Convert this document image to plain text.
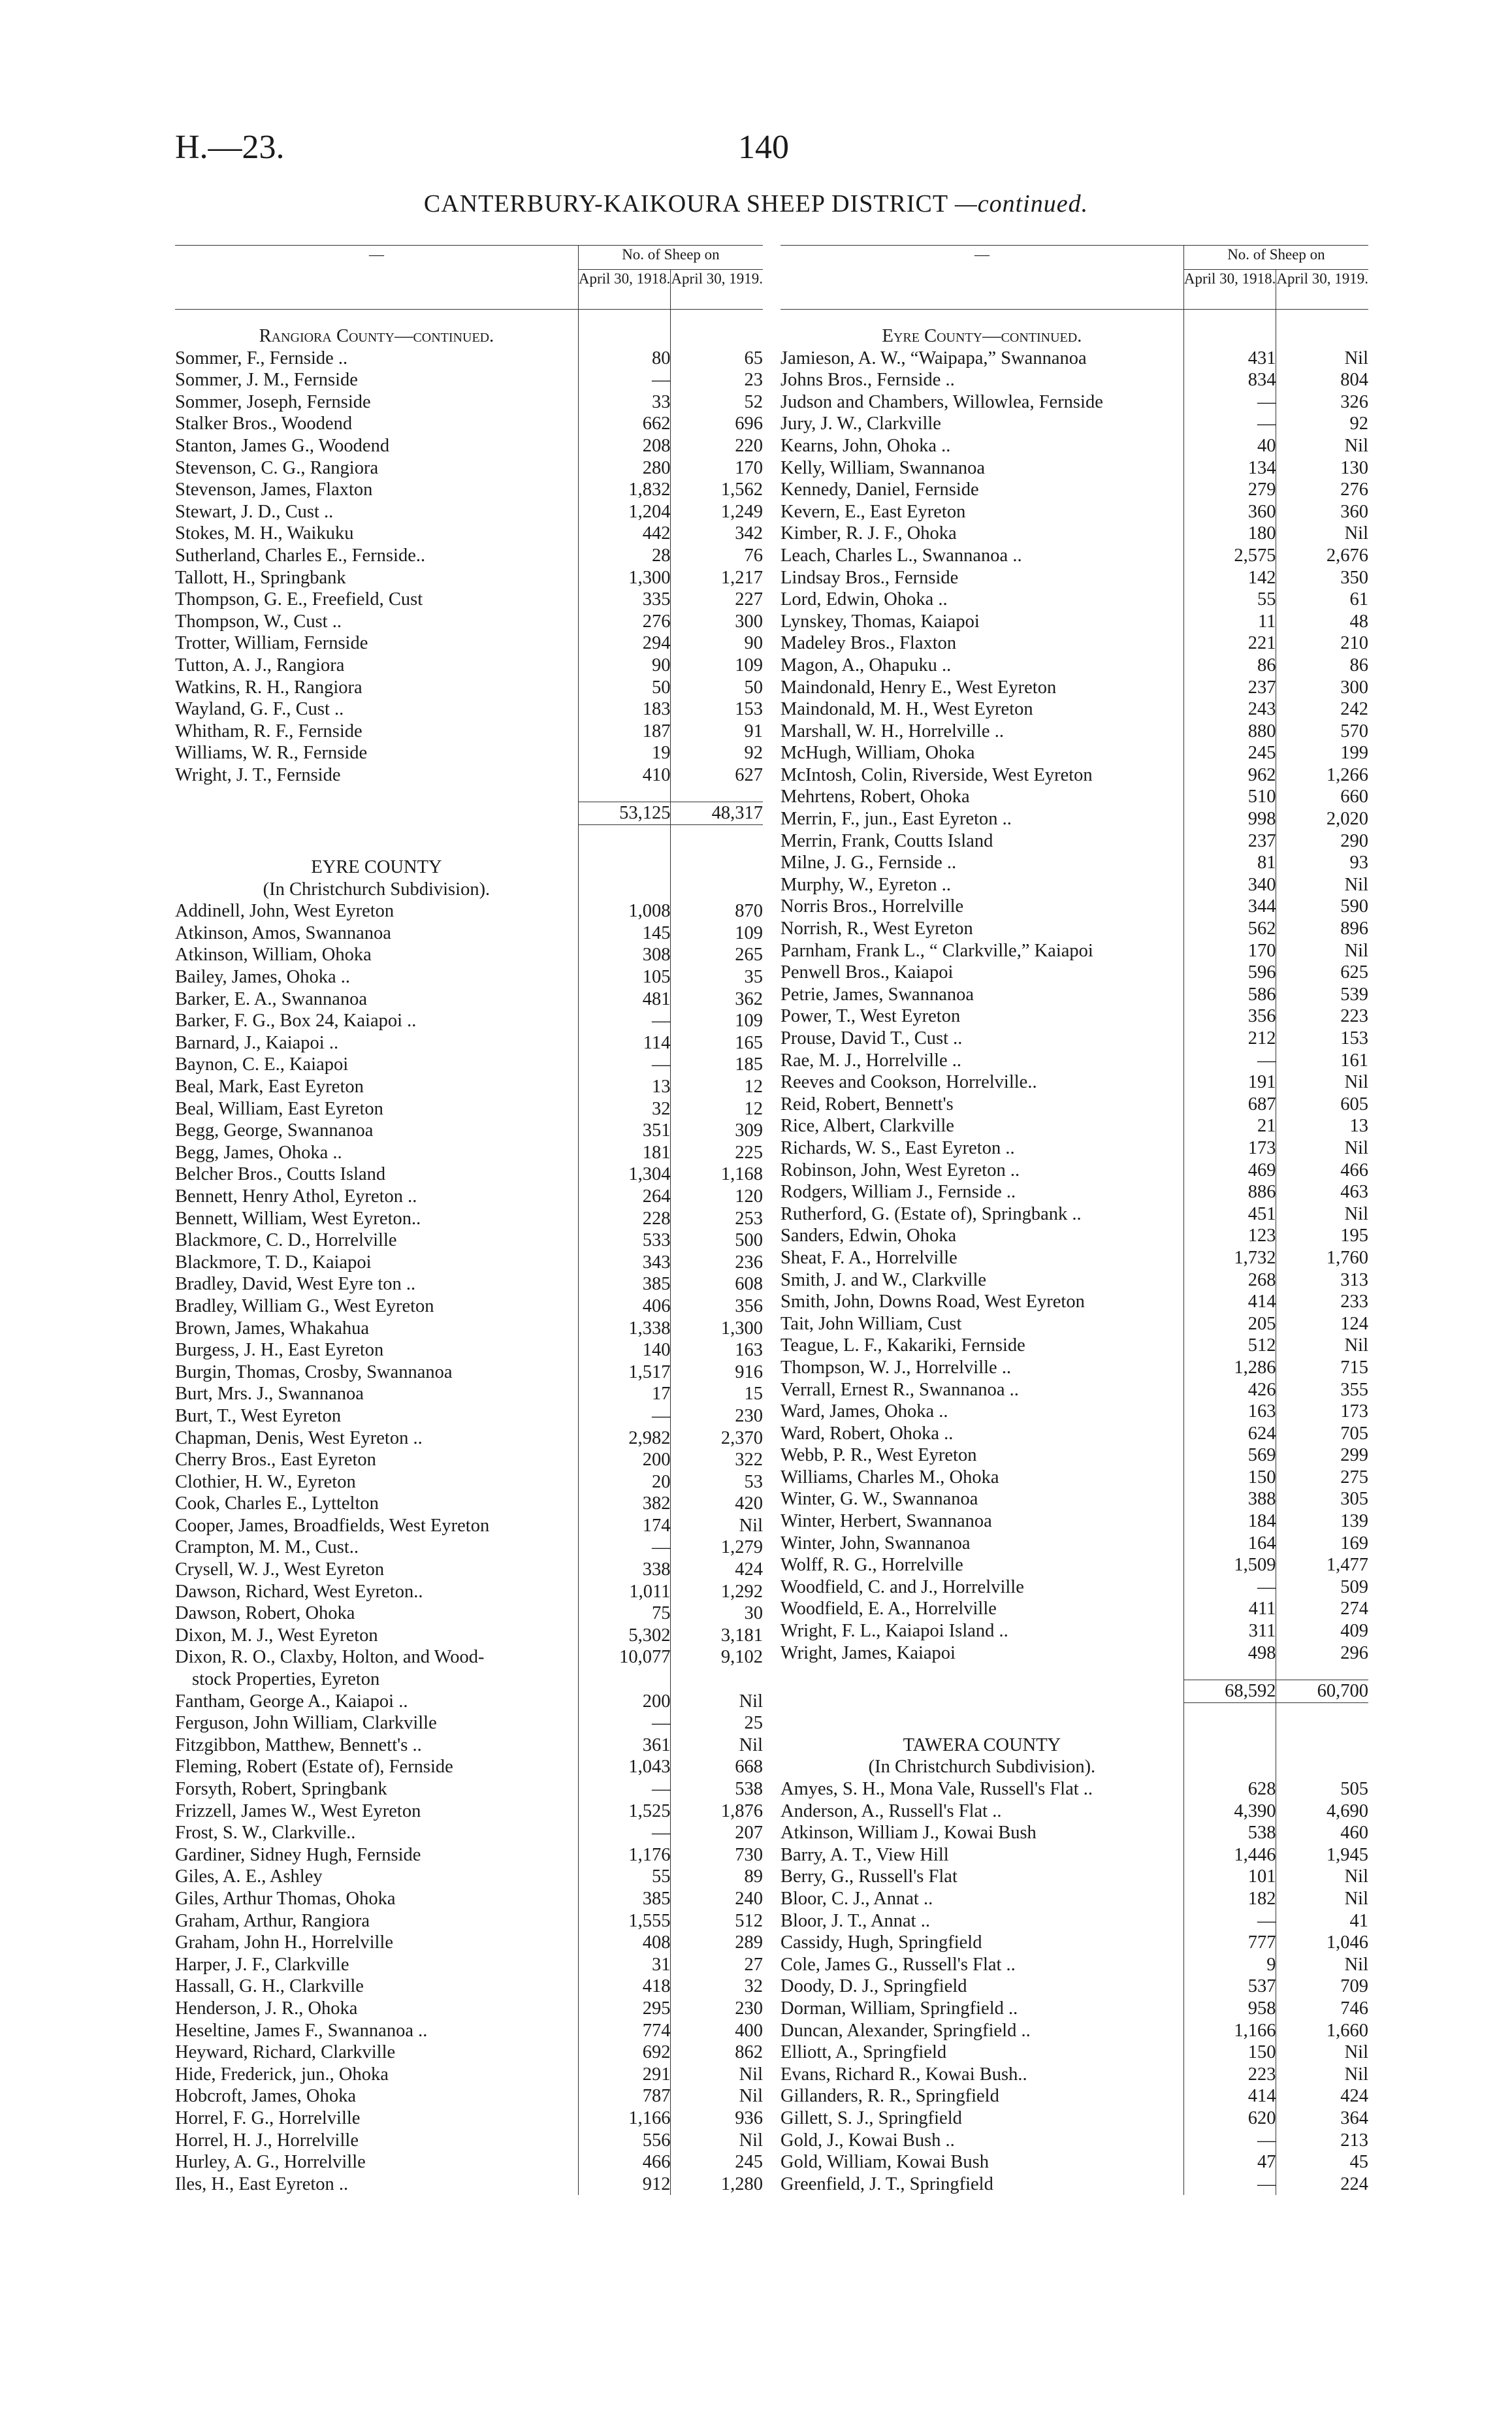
H.—23.	140
CANTERBURY-KAIKOURA SHEEP DISTRICT —continued.
—	No. of Sheep on	
	April 30, 1918.	April 30, 1919.

Rangiora County—continued.		
Sommer, F., Fernside ..	80	65
Sommer, J. M., Fernside	—	23
Sommer, Joseph, Fernside	33	52
Stalker Bros., Woodend	662	696
Stanton, James G., Woodend	208	220
Stevenson, C. G., Rangiora	280	170
Stevenson, James, Flaxton	1,832	1,562
Stewart, J. D., Cust ..	1,204	1,249
Stokes, M. H., Waikuku	442	342
Sutherland, Charles E., Fernside..	28	76
Tallott, H., Springbank	1,300	1,217
Thompson, G. E., Freefield, Cust	335	227
Thompson, W., Cust ..	276	300
Trotter, William, Fernside	294	90
Tutton, A. J., Rangiora	90	109
Watkins, R. H., Rangiora	50	50
Wayland, G. F., Cust ..	183	153
Whitham, R. F., Fernside	187	91
Williams, W. R., Fernside	19	92
Wright, J. T., Fernside	410	627

	53,125	48,317

EYRE COUNTY		
(In Christchurch Subdivision).		
Addinell, John, West Eyreton	1,008	870
Atkinson, Amos, Swannanoa	145	109
Atkinson, William, Ohoka	308	265
Bailey, James, Ohoka ..	105	35
Barker, E. A., Swannanoa	481	362
Barker, F. G., Box 24, Kaiapoi ..	—	109
Barnard, J., Kaiapoi ..	114	165
Baynon, C. E., Kaiapoi	—	185
Beal, Mark, East Eyreton	13	12
Beal, William, East Eyreton	32	12
Begg, George, Swannanoa	351	309
Begg, James, Ohoka ..	181	225
Belcher Bros., Coutts Island	1,304	1,168
Bennett, Henry Athol, Eyreton ..	264	120
Bennett, William, West Eyreton..	228	253
Blackmore, C. D., Horrelville	533	500
Blackmore, T. D., Kaiapoi	343	236
Bradley, David, West Eyre ton ..	385	608
Bradley, William G., West Eyreton	406	356
Brown, James, Whakahua	1,338	1,300
Burgess, J. H., East Eyreton	140	163
Burgin, Thomas, Crosby, Swannanoa	1,517	916
Burt, Mrs. J., Swannanoa	17	15
Burt, T., West Eyreton	—	230
Chapman, Denis, West Eyreton ..	2,982	2,370
Cherry Bros., East Eyreton	200	322
Clothier, H. W., Eyreton	20	53
Cook, Charles E., Lyttelton	382	420
Cooper, James, Broadfields, West Eyreton	174	Nil
Crampton, M. M., Cust..	—	1,279
Crysell, W. J., West Eyreton	338	424
Dawson, Richard, West Eyreton..	1,011	1,292
Dawson, Robert, Ohoka	75	30
Dixon, M. J., West Eyreton	5,302	3,181
Dixon, R. O., Claxby, Holton, and Wood-	10,077	9,102
stock Properties, Eyreton		
Fantham, George A., Kaiapoi ..	200	Nil
Ferguson, John William, Clarkville	—	25
Fitzgibbon, Matthew, Bennett's ..	361	Nil
Fleming, Robert (Estate of), Fernside	1,043	668
Forsyth, Robert, Springbank	—	538
Frizzell, James W., West Eyreton	1,525	1,876
Frost, S. W., Clarkville..	—	207
Gardiner, Sidney Hugh, Fernside	1,176	730
Giles, A. E., Ashley	55	89
Giles, Arthur Thomas, Ohoka	385	240
Graham, Arthur, Rangiora	1,555	512
Graham, John H., Horrelville	408	289
Harper, J. F., Clarkville	31	27
Hassall, G. H., Clarkville	418	32
Henderson, J. R., Ohoka	295	230
Heseltine, James F., Swannanoa ..	774	400
Heyward, Richard, Clarkville	692	862
Hide, Frederick, jun., Ohoka	291	Nil
Hobcroft, James, Ohoka	787	Nil
Horrel, F. G., Horrelville	1,166	936
Horrel, H. J., Horrelville	556	Nil
Hurley, A. G., Horrelville	466	245
Iles, H., East Eyreton ..	912	1,280
—	No. of Sheep on	
	April 30, 1918.	April 30, 1919.

Eyre County—continued.		
Jamieson, A. W., “Waipapa,” Swannanoa	431	Nil
Johns Bros., Fernside ..	834	804
Judson and Chambers, Willowlea, Fernside	—	326
Jury, J. W., Clarkville	—	92
Kearns, John, Ohoka ..	40	Nil
Kelly, William, Swannanoa	134	130
Kennedy, Daniel, Fernside	279	276
Kevern, E., East Eyreton	360	360
Kimber, R. J. F., Ohoka	180	Nil
Leach, Charles L., Swannanoa ..	2,575	2,676
Lindsay Bros., Fernside	142	350
Lord, Edwin, Ohoka ..	55	61
Lynskey, Thomas, Kaiapoi	11	48
Madeley Bros., Flaxton	221	210
Magon, A., Ohapuku ..	86	86
Maindonald, Henry E., West Eyreton	237	300
Maindonald, M. H., West Eyreton	243	242
Marshall, W. H., Horrelville ..	880	570
McHugh, William, Ohoka	245	199
McIntosh, Colin, Riverside, West Eyreton	962	1,266
Mehrtens, Robert, Ohoka	510	660
Merrin, F., jun., East Eyreton ..	998	2,020
Merrin, Frank, Coutts Island	237	290
Milne, J. G., Fernside ..	81	93
Murphy, W., Eyreton ..	340	Nil
Norris Bros., Horrelville	344	590
Norrish, R., West Eyreton	562	896
Parnham, Frank L., “ Clarkville,” Kaiapoi	170	Nil
Penwell Bros., Kaiapoi	596	625
Petrie, James, Swannanoa	586	539
Power, T., West Eyreton	356	223
Prouse, David T., Cust ..	212	153
Rae, M. J., Horrelville ..	—	161
Reeves and Cookson, Horrelville..	191	Nil
Reid, Robert, Bennett's	687	605
Rice, Albert, Clarkville	21	13
Richards, W. S., East Eyreton ..	173	Nil
Robinson, John, West Eyreton ..	469	466
Rodgers, William J., Fernside ..	886	463
Rutherford, G. (Estate of), Springbank ..	451	Nil
Sanders, Edwin, Ohoka	123	195
Sheat, F. A., Horrelville	1,732	1,760
Smith, J. and W., Clarkville	268	313
Smith, John, Downs Road, West Eyreton	414	233
Tait, John William, Cust	205	124
Teague, L. F., Kakariki, Fernside	512	Nil
Thompson, W. J., Horrelville ..	1,286	715
Verrall, Ernest R., Swannanoa ..	426	355
Ward, James, Ohoka ..	163	173
Ward, Robert, Ohoka ..	624	705
Webb, P. R., West Eyreton	569	299
Williams, Charles M., Ohoka	150	275
Winter, G. W., Swannanoa	388	305
Winter, Herbert, Swannanoa	184	139
Winter, John, Swannanoa	164	169
Wolff, R. G., Horrelville	1,509	1,477
Woodfield, C. and J., Horrelville	—	509
Woodfield, E. A., Horrelville	411	274
Wright, F. L., Kaiapoi Island ..	311	409
Wright, James, Kaiapoi	498	296

	68,592	60,700

TAWERA COUNTY		
(In Christchurch Subdivision).		
Amyes, S. H., Mona Vale, Russell's Flat ..	628	505
Anderson, A., Russell's Flat ..	4,390	4,690
Atkinson, William J., Kowai Bush	538	460
Barry, A. T., View Hill	1,446	1,945
Berry, G., Russell's Flat	101	Nil
Bloor, C. J., Annat ..	182	Nil
Bloor, J. T., Annat ..	—	41
Cassidy, Hugh, Springfield	777	1,046
Cole, James G., Russell's Flat ..	9	Nil
Doody, D. J., Springfield	537	709
Dorman, William, Springfield ..	958	746
Duncan, Alexander, Springfield ..	1,166	1,660
Elliott, A., Springfield	150	Nil
Evans, Richard R., Kowai Bush..	223	Nil
Gillanders, R. R., Springfield	414	424
Gillett, S. J., Springfield	620	364
Gold, J., Kowai Bush ..	—	213
Gold, William, Kowai Bush	47	45
Greenfield, J. T., Springfield	—	224
